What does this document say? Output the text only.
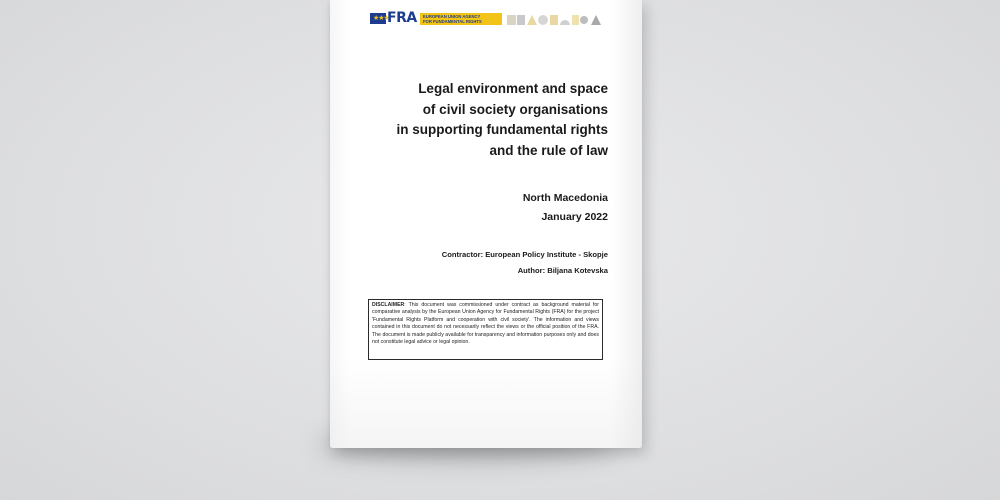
★★★
FRA EUROPEAN UNION AGENCY
FOR FUNDAMENTAL RIGHTS
Legal environment and space
of civil society organisations
in supporting fundamental rights
and the rule of law
North Macedonia
January 2022
Contractor: European Policy Institute - Skopje
Author: Biljana Kotevska
DISCLAIMER: This document was commissioned under contract as background material for comparative analysis by the European Union Agency for Fundamental Rights (FRA) for the project 'Fundamental Rights Platform and cooperation with civil society'. The information and views contained in this document do not necessarily reflect the views or the official position of the FRA. The document is made publicly available for transparency and information purposes only and does not constitute legal advice or legal opinion.
